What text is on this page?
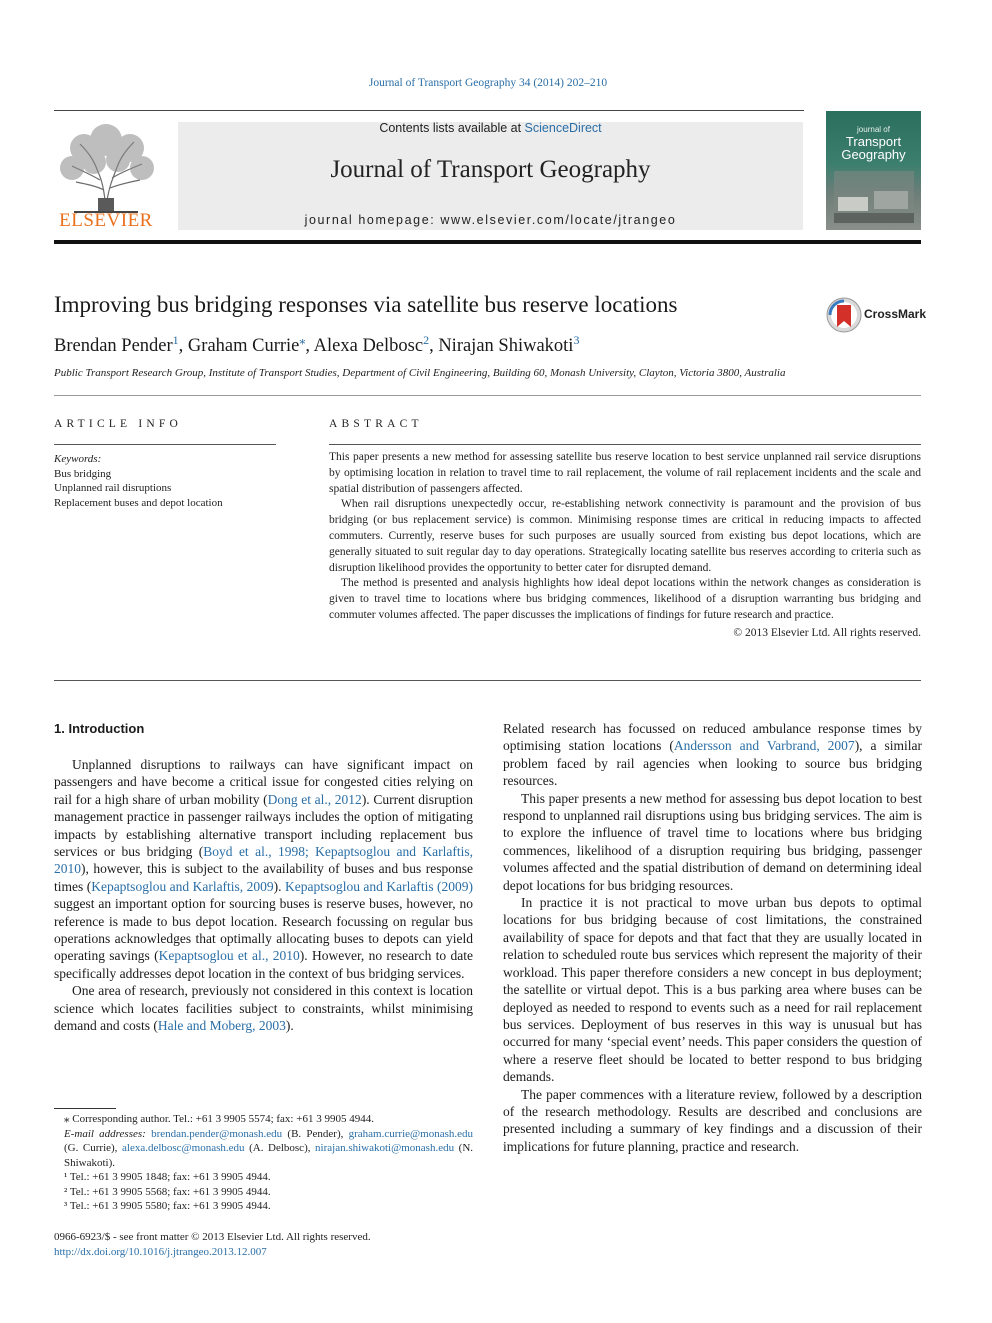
Journal of Transport Geography 34 (2014) 202–210
ELSEVIER
Contents lists available at ScienceDirect
Journal of Transport Geography
journal homepage: www.elsevier.com/locate/jtrangeo
journal of
Transport
Geography
Improving bus bridging responses via satellite bus reserve locations	CrossMark
Brendan Pender$^1$, Graham Currie⁎, Alexa Delbosc$^2$, Nirajan Shiwakoti$^3$
Public Transport Research Group, Institute of Transport Studies, Department of Civil Engineering, Building 60, Monash University, Clayton, Victoria 3800, Australia
ARTICLE INFO	ABSTRACT
Keywords:
Bus bridging
Unplanned rail disruptions
Replacement buses and depot location

This paper presents a new method for assessing satellite bus reserve location to best service unplanned rail service disruptions by optimising location in relation to travel time to rail replacement, the volume of rail replacement incidents and the scale and spatial distribution of passengers affected.

When rail disruptions unexpectedly occur, re-establishing network connectivity is paramount and the provision of bus bridging (or bus replacement service) is common. Minimising response times are critical in reducing impacts to affected commuters. Currently, reserve buses for such purposes are usually sourced from existing bus depot locations, which are generally situated to suit regular day to day operations. Strategically locating satellite bus reserves according to criteria such as disruption likelihood provides the opportunity to better cater for disrupted demand.

The method is presented and analysis highlights how ideal depot locations within the network changes as consideration is given to travel time to locations where bus bridging commences, likelihood of a disruption warranting bus bridging and commuter volumes affected. The paper discusses the implications of findings for future research and practice.

© 2013 Elsevier Ltd. All rights reserved.

1. Introduction

Unplanned disruptions to railways can have significant impact on passengers and have become a critical issue for congested cities relying on rail for a high share of urban mobility (Dong et al., 2012). Current disruption management practice in passenger railways includes the option of mitigating impacts by establishing alternative transport including replacement bus services or bus bridging (Boyd et al., 1998; Kepaptsoglou and Karlaftis, 2010), however, this is subject to the availability of buses and bus response times (Kepaptsoglou and Karlaftis, 2009). Kepaptsoglou and Karlaftis (2009) suggest an important option for sourcing buses is reserve buses, however, no reference is made to bus depot location. Research focussing on regular bus operations acknowledges that optimally allocating buses to depots can yield operating savings (Kepaptsoglou et al., 2010). However, no research to date specifically addresses depot location in the context of bus bridging services.

One area of research, previously not considered in this context is location science which locates facilities subject to constraints, whilst minimising demand and costs (Hale and Moberg, 2003).

Related research has focussed on reduced ambulance response times by optimising station locations (Andersson and Varbrand, 2007), a similar problem faced by rail agencies when looking to source bus bridging resources.

This paper presents a new method for assessing bus depot location to best respond to unplanned rail disruptions using bus bridging services. The aim is to explore the influence of travel time to locations where bus bridging commences, likelihood of a disruption requiring bus bridging, passenger volumes affected and the spatial distribution of demand on determining ideal depot locations for bus bridging resources.

In practice it is not practical to move urban bus depots to optimal locations for bus bridging because of cost limitations, the constrained availability of space for depots and that fact that they are usually located in relation to scheduled route bus services which represent the majority of their workload. This paper therefore considers a new concept in bus deployment; the satellite or virtual depot. This is a bus parking area where buses can be deployed as needed to respond to events such as a need for rail replacement bus services. Deployment of bus reserves in this way is unusual but has occurred for many ‘special event’ needs. This paper considers the question of where a reserve fleet should be located to better respond to bus bridging demands.

The paper commences with a literature review, followed by a description of the research methodology. Results are described and conclusions are presented including a summary of key findings and a discussion of their implications for future planning, practice and research.

⁎ Corresponding author. Tel.: +61 3 9905 5574; fax: +61 3 9905 4944.

E-mail addresses: brendan.pender@monash.edu (B. Pender), graham.currie@monash.edu (G. Currie), alexa.delbosc@monash.edu (A. Delbosc), nirajan.shiwakoti@monash.edu (N. Shiwakoti).

¹ Tel.: +61 3 9905 1848; fax: +61 3 9905 4944.

² Tel.: +61 3 9905 5568; fax: +61 3 9905 4944.

³ Tel.: +61 3 9905 5580; fax: +61 3 9905 4944.

0966-6923/$ - see front matter © 2013 Elsevier Ltd. All rights reserved.
http://dx.doi.org/10.1016/j.jtrangeo.2013.12.007
